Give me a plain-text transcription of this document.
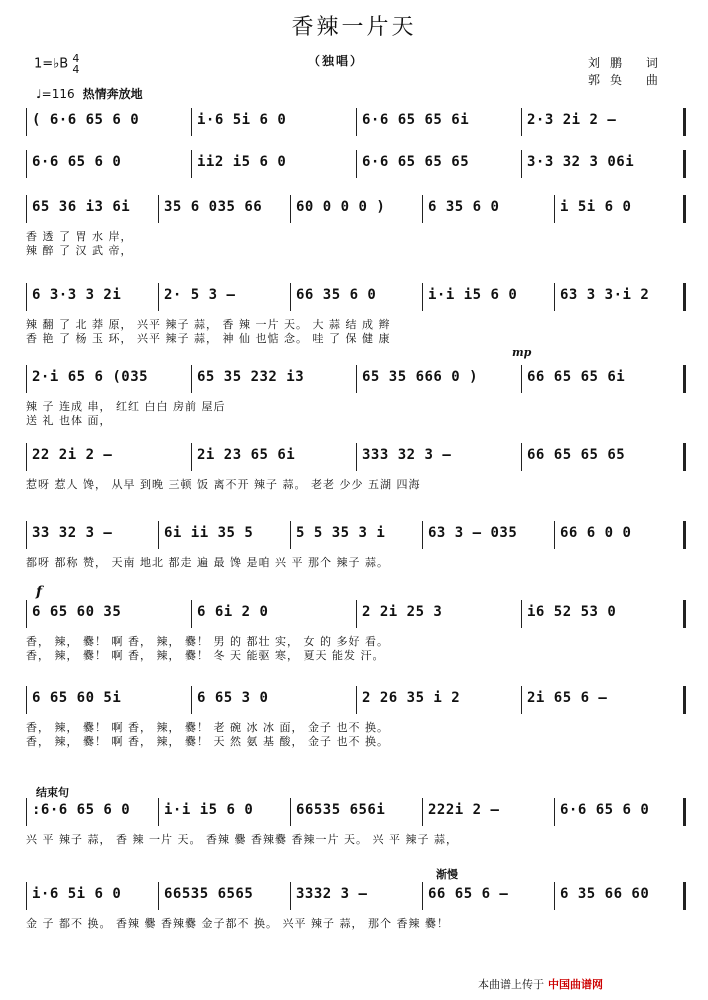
香辣一片天
（独唱）	刘鹏 词
郭奂 曲
1=♭B 4
4
♩=116 热情奔放地
( 6·6 65 6 0	i·6 5i 6 0	6·6 65 65 6i	2·3 2i 2 –
6·6 65 6 0	ii2 i5 6 0	6·6 65 65 65	3·3 32 3 06i
65 36 i3 6i	35 6 035 66	60 0 0 0 )	6 35 6 0	i 5i 6 0
香 透 了 胃 水 岸，
辣 醉 了 汉 武 帝，
6 3·3 3 2i	2· 5 3 –	66 35 6 0	i·i i5 6 0	63 3 3·i 2
辣 翻 了 北 莽 原， 兴平 辣子 蒜， 香 辣 一片 天。 大 蒜 结 成 辫
香 艳 了 杨 玉 环， 兴平 辣子 蒜， 神 仙 也惦 念。 哇 了 保 健 康
2·i 65 6 (035	65 35 232 i3	65 35 666 0 )	66 65 65 6i
辣 子 连成 串， 红红 白白 房前 屋后
送 礼 也体 面，
22 2i 2 –	2i 23 65 6i	333 32 3 –	66 65 65 65
惹呀 惹人 馋， 从早 到晚 三顿 饭 离不开 辣子 蒜。 老老 少少 五湖 四海
33 32 3 –	6i ii 35 5	5 5 35 3 i	63 3 – 035	66 6 0 0
都呀 都称 赞， 天南 地北 都走 遍 最 馋 是咱 兴 平 那个 辣子 蒜。
6 65 60 35	6 6i 2 0	2 2i 25 3	i6 52 53 0
香， 辣， 爨！ 啊 香， 辣， 爨！ 男 的 都壮 实， 女 的 多好 看。
香， 辣， 爨！ 啊 香， 辣， 爨！ 冬 天 能驱 寒， 夏天 能发 汗。
6 65 60 5i	6 65 3 0	2 26 35 i 2	2i 65 6 –
香， 辣， 爨！ 啊 香， 辣， 爨！ 老 碗 冰 冰 面， 金子 也不 换。
香， 辣， 爨！ 啊 香， 辣， 爨！ 天 然 氨 基 酸， 金子 也不 换。
:6·6 65 6 0	i·i i5 6 0	66535 656i	222i 2 –	6·6 65 6 0
兴 平 辣子 蒜， 香 辣 一片 天。 香辣 爨 香辣爨 香辣一片 天。 兴 平 辣子 蒜，
i·6 5i 6 0	66535 6565	3332 3 –	66 65 6 –	6 35 66 60
金 子 都不 换。 香辣 爨 香辣爨 金子都不 换。 兴平 辣子 蒜， 那个 香辣 爨！
结束句
渐慢
mp
f
本曲谱上传于 中国曲谱网
